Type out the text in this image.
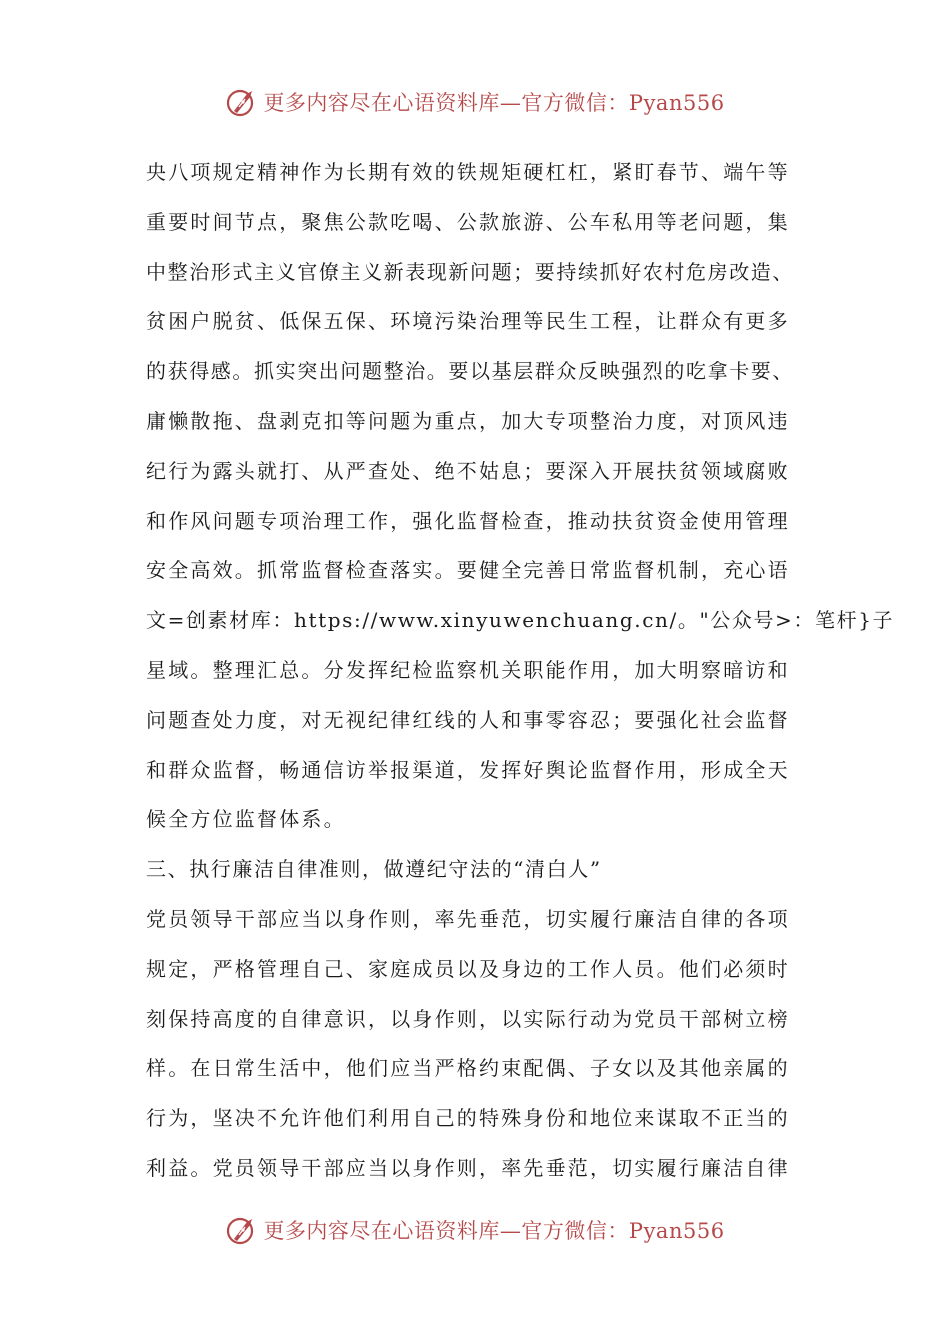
更多内容尽在心语资料库—官方微信：Pyan556
央八项规定精神作为长期有效的铁规矩硬杠杠，紧盯春节、端午等
重要时间节点，聚焦公款吃喝、公款旅游、公车私用等老问题，集
中整治形式主义官僚主义新表现新问题；要持续抓好农村危房改造、
贫困户脱贫、低保五保、环境污染治理等民生工程，让群众有更多
的获得感。抓实突出问题整治。要以基层群众反映强烈的吃拿卡要、
庸懒散拖、盘剥克扣等问题为重点，加大专项整治力度，对顶风违
纪行为露头就打、从严查处、绝不姑息；要深入开展扶贫领域腐败
和作风问题专项治理工作，强化监督检查，推动扶贫资金使用管理
安全高效。抓常监督检查落实。要健全完善日常监督机制，充心语
文=创素材库：https://www.xinyuwenchuang.cn/。"公众号>：笔杆}子
星域。整理汇总。分发挥纪检监察机关职能作用，加大明察暗访和
问题查处力度，对无视纪律红线的人和事零容忍；要强化社会监督
和群众监督，畅通信访举报渠道，发挥好舆论监督作用，形成全天
候全方位监督体系。
三、执行廉洁自律准则，做遵纪守法的“清白人”
党员领导干部应当以身作则，率先垂范，切实履行廉洁自律的各项
规定，严格管理自己、家庭成员以及身边的工作人员。他们必须时
刻保持高度的自律意识，以身作则，以实际行动为党员干部树立榜
样。在日常生活中，他们应当严格约束配偶、子女以及其他亲属的
行为，坚决不允许他们利用自己的特殊身份和地位来谋取不正当的
利益。党员领导干部应当以身作则，率先垂范，切实履行廉洁自律
更多内容尽在心语资料库—官方微信：Pyan556
